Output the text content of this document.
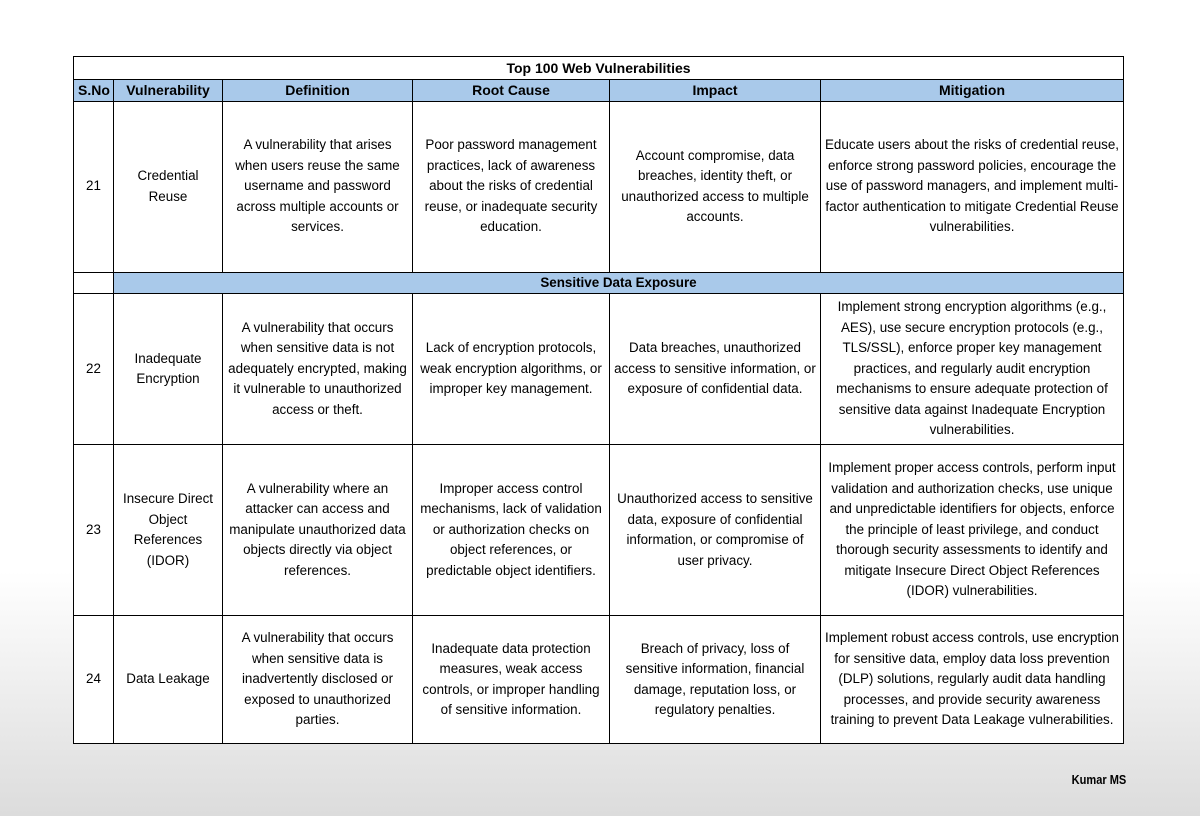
Top 100 Web Vulnerabilities					
S.No	Vulnerability	Definition	Root Cause	Impact	Mitigation
21	Credential Reuse	A vulnerability that arises when users reuse the same username and password across multiple accounts or services.	Poor password management practices, lack of awareness about the risks of credential reuse, or inadequate security education.	Account compromise, data breaches, identity theft, or unauthorized access to multiple accounts.	Educate users about the risks of credential reuse, enforce strong password policies, encourage the use of password managers, and implement multi-factor authentication to mitigate Credential Reuse vulnerabilities.
	Sensitive Data Exposure				
22	Inadequate Encryption	A vulnerability that occurs when sensitive data is not adequately encrypted, making it vulnerable to unauthorized access or theft.	Lack of encryption protocols, weak encryption algorithms, or improper key management.	Data breaches, unauthorized access to sensitive information, or exposure of confidential data.	Implement strong encryption algorithms (e.g., AES), use secure encryption protocols (e.g., TLS/SSL), enforce proper key management practices, and regularly audit encryption mechanisms to ensure adequate protection of sensitive data against Inadequate Encryption vulnerabilities.
23	Insecure Direct Object References (IDOR)	A vulnerability where an attacker can access and manipulate unauthorized data objects directly via object references.	Improper access control mechanisms, lack of validation or authorization checks on object references, or predictable object identifiers.	Unauthorized access to sensitive data, exposure of confidential information, or compromise of user privacy.	Implement proper access controls, perform input validation and authorization checks, use unique and unpredictable identifiers for objects, enforce the principle of least privilege, and conduct thorough security assessments to identify and mitigate Insecure Direct Object References (IDOR) vulnerabilities.
24	Data Leakage	A vulnerability that occurs when sensitive data is inadvertently disclosed or exposed to unauthorized parties.	Inadequate data protection measures, weak access controls, or improper handling of sensitive information.	Breach of privacy, loss of sensitive information, financial damage, reputation loss, or regulatory penalties.	Implement robust access controls, use encryption for sensitive data, employ data loss prevention (DLP) solutions, regularly audit data handling processes, and provide security awareness training to prevent Data Leakage vulnerabilities.
Kumar MS
